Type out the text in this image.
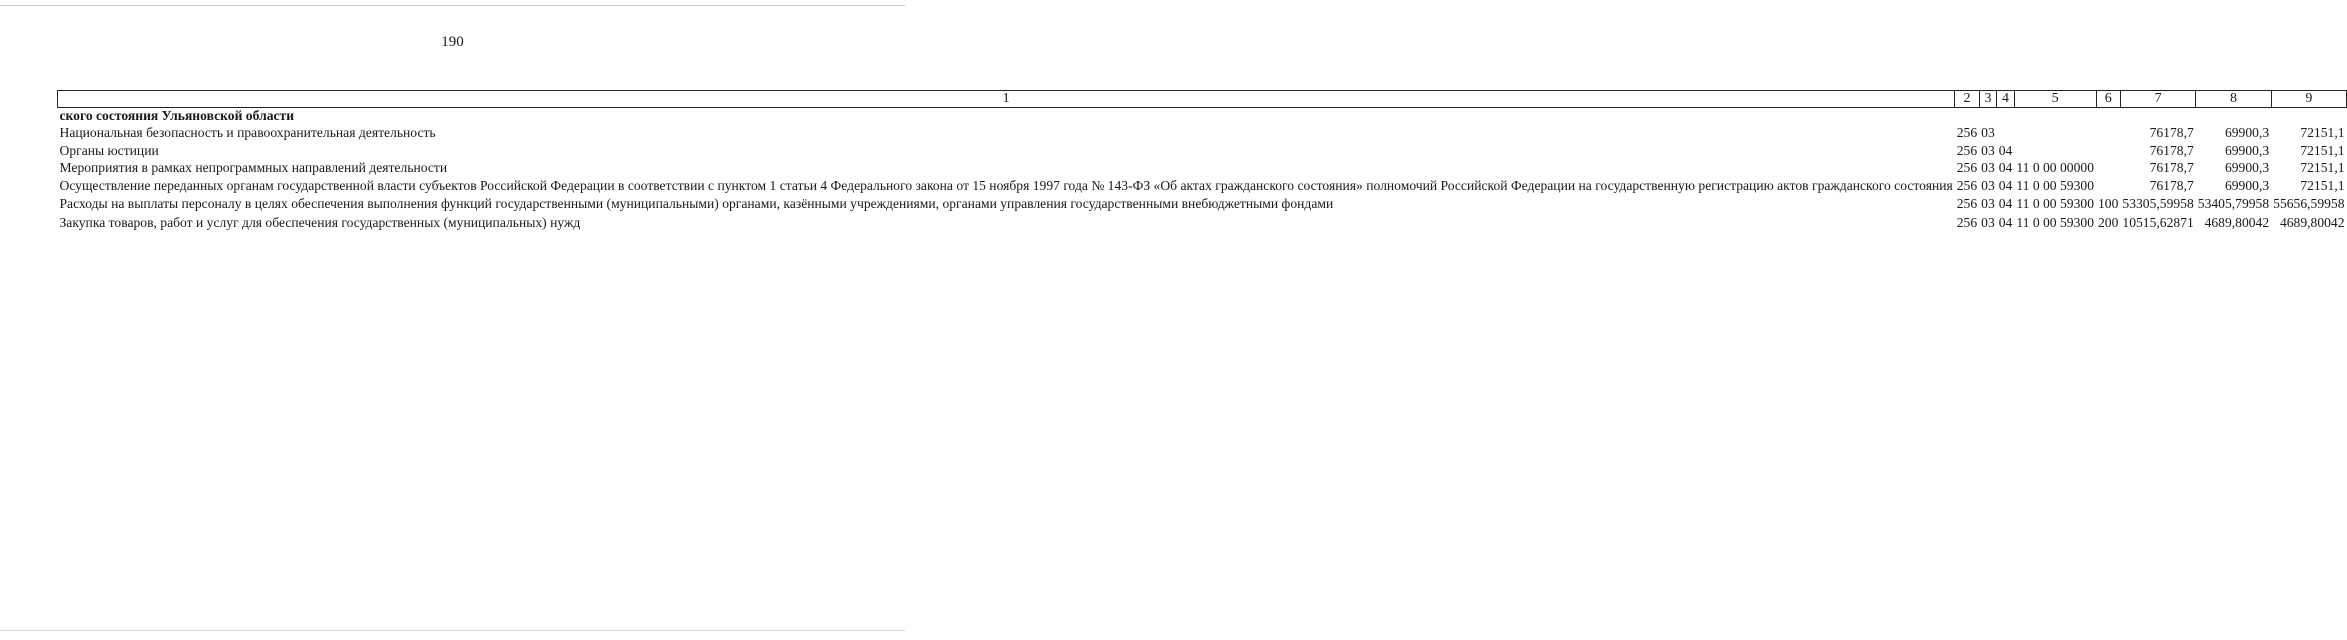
190
1	2	3	4	5	6	7	8	9
ского состояния Ульяновской области								
Национальная безопасность и правоохранительная деятельность	256	03				76178,7	69900,3	72151,1
Органы юстиции	256	03	04			76178,7	69900,3	72151,1
Мероприятия в рамках непрограммных направлений деятельности	256	03	04	11 0 00 00000		76178,7	69900,3	72151,1
Осуществление переданных органам государственной власти субъектов Российской Федерации в соответствии с пунктом 1 статьи 4 Федерального закона от 15 ноября 1997 года № 143-ФЗ «Об актах гражданского состояния» полномочий Российской Федерации на государственную регистрацию актов гражданского состояния	256	03	04	11 0 00 59300		76178,7	69900,3	72151,1
Расходы на выплаты персоналу в целях обеспечения выполнения функций государственными (муниципальными) органами, казёнными учреждениями, органами управления государственными внебюджетными фондами	256	03	04	11 0 00 59300	100	53305,59958	53405,79958	55656,59958
Закупка товаров, работ и услуг для обеспечения государственных (муниципальных) нужд	256	03	04	11 0 00 59300	200	10515,62871	4689,80042	4689,80042
